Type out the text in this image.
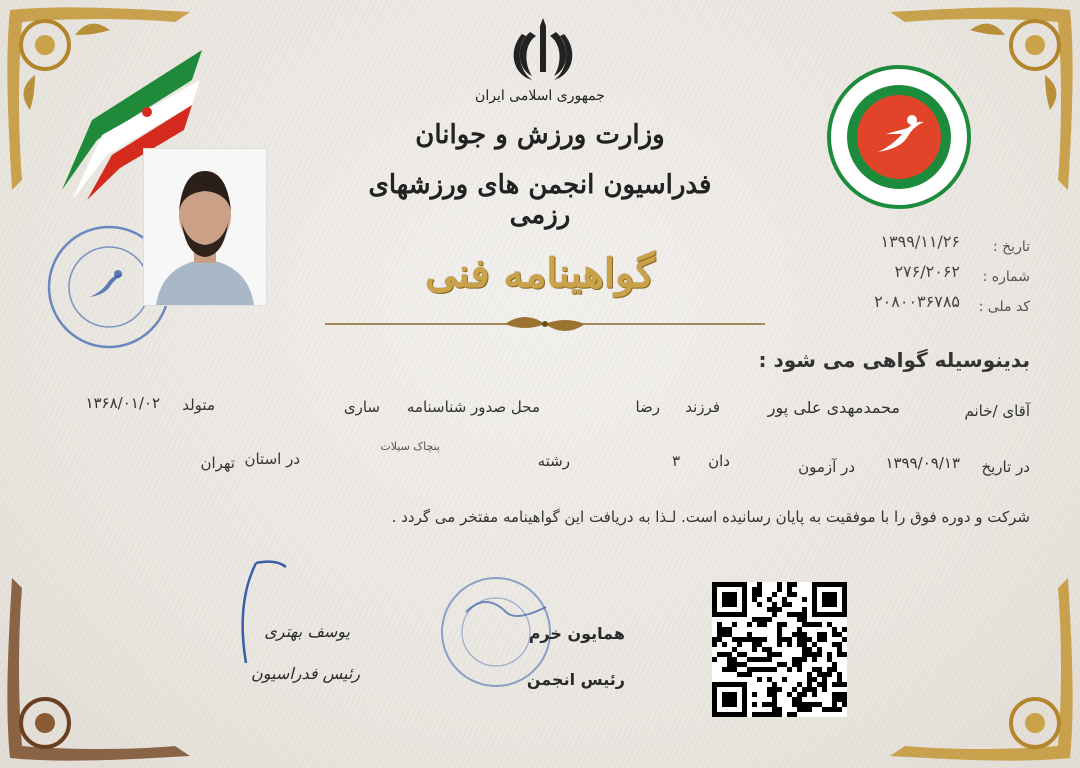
جمهوری اسلامی ایران
وزارت ورزش و جوانان
فدراسیون انجمن های ورزشهای رزمی
گواهینامه فنی
تاریخ :
۱۳۹۹/۱۱/۲۶
شماره :
۲۷۶/۲۰۶۲
کد ملی :
۲۰۸۰۰۳۶۷۸۵
بدینوسیله گواهی می شود :
آقای /خانم
محمدمهدی علی پور
فرزند
رضا
محل صدور شناسنامه
ساری
متولد
۱۳۶۸/۰۱/۰۲
در تاریخ
۱۳۹۹/۰۹/۱۳
در آزمون
دان
۳
رشته
پنچاک سیلات
در استان
تهران
شرکت و دوره فوق را با موفقیت به پایان رسانیده است. لـذا به دریافت این گواهینامه مفتخر می گردد .
همایون خرم
رئیس انجمن
یوسف بهتری
رئیس فدراسیون
